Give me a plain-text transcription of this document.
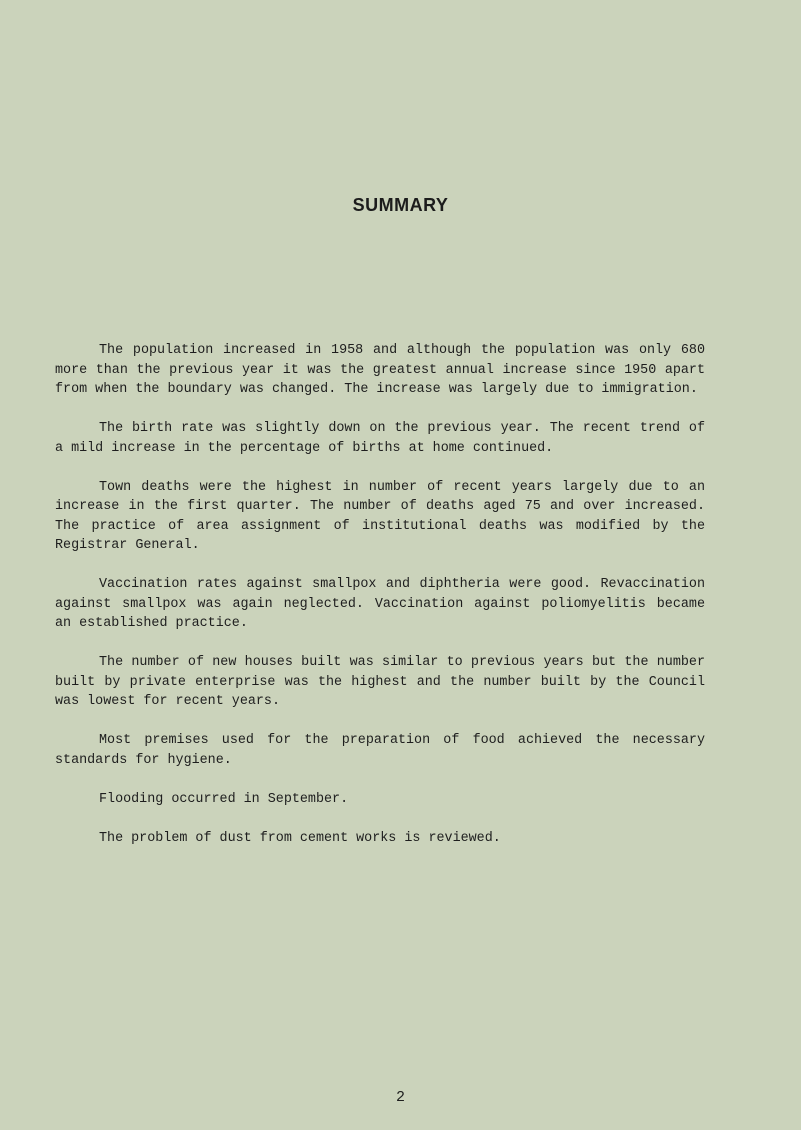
SUMMARY

The population increased in 1958 and although the population was only 680 more than the previous year it was the greatest annual increase since 1950 apart from when the boundary was changed. The increase was largely due to immigration.

The birth rate was slightly down on the previous year. The recent trend of a mild increase in the percentage of births at home continued.

Town deaths were the highest in number of recent years largely due to an increase in the first quarter. The number of deaths aged 75 and over increased. The practice of area assignment of institutional deaths was modified by the Registrar General.

Vaccination rates against smallpox and diphtheria were good. Revaccination against smallpox was again neglected. Vaccination against poliomyelitis became an established practice.

The number of new houses built was similar to previous years but the number built by private enterprise was the highest and the number built by the Council was lowest for recent years.

Most premises used for the preparation of food achieved the necessary standards for hygiene.

Flooding occurred in September.

The problem of dust from cement works is reviewed.

2
